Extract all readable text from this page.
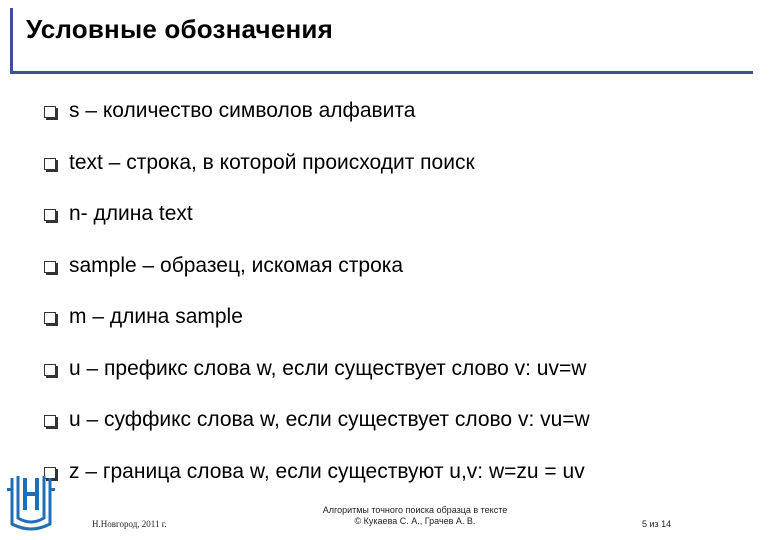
Условные обозначения
s – количество символов алфавита
text – строка, в которой происходит поиск
n- длина text
sample – образец, искомая строка
m – длина sample
u – префикс слова w, если существует слово v: uv=w
u – суффикс слова w, если существует слово v: vu=w
z – граница слова w, если существуют u,v: w=zu = uv
Н.Новгород, 2011 г.
Алгоритмы точного поиска образца в тексте
© Кукаева С. А., Грачев А. В.	5 из 14
